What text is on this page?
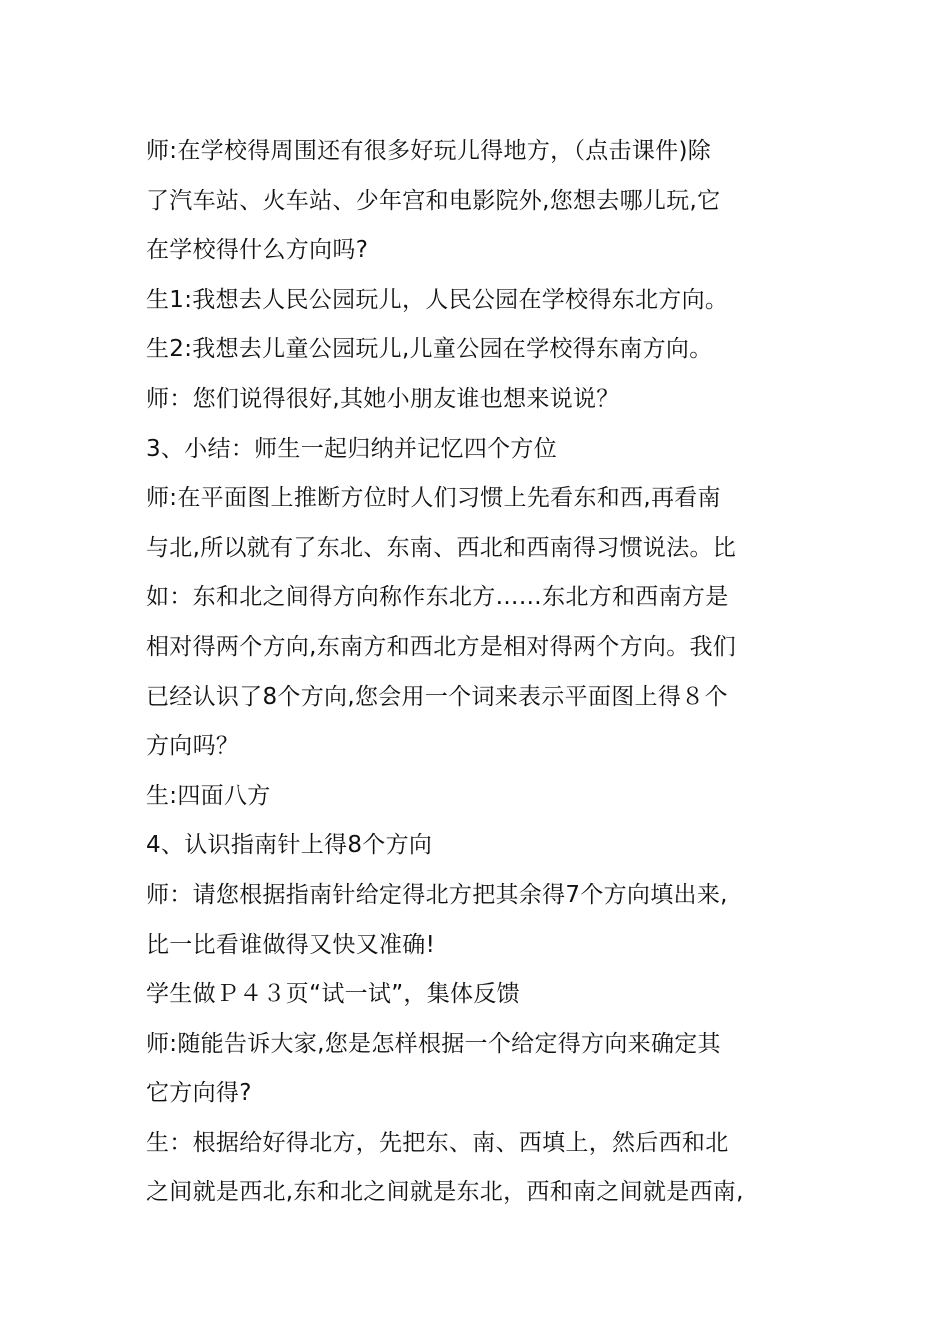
师:在学校得周围还有很多好玩儿得地方，（点击课件)除
了汽车站、火车站、少年宫和电影院外,您想去哪儿玩,它
在学校得什么方向吗?
生1:我想去人民公园玩儿，人民公园在学校得东北方向。
生2:我想去儿童公园玩儿,儿童公园在学校得东南方向。
师：您们说得很好,其她小朋友谁也想来说说？
3、小结：师生一起归纳并记忆四个方位
师:在平面图上推断方位时人们习惯上先看东和西,再看南
与北,所以就有了东北、东南、西北和西南得习惯说法。比
如：东和北之间得方向称作东北方……东北方和西南方是
相对得两个方向,东南方和西北方是相对得两个方向。我们
已经认识了8个方向,您会用一个词来表示平面图上得８个
方向吗？
生:四面八方
4、认识指南针上得8个方向
师：请您根据指南针给定得北方把其余得7个方向填出来,
比一比看谁做得又快又准确!
学生做Ｐ４３页“试一试”，集体反馈
师:随能告诉大家,您是怎样根据一个给定得方向来确定其
它方向得?
生：根据给好得北方，先把东、南、西填上，然后西和北
之间就是西北,东和北之间就是东北，西和南之间就是西南,
